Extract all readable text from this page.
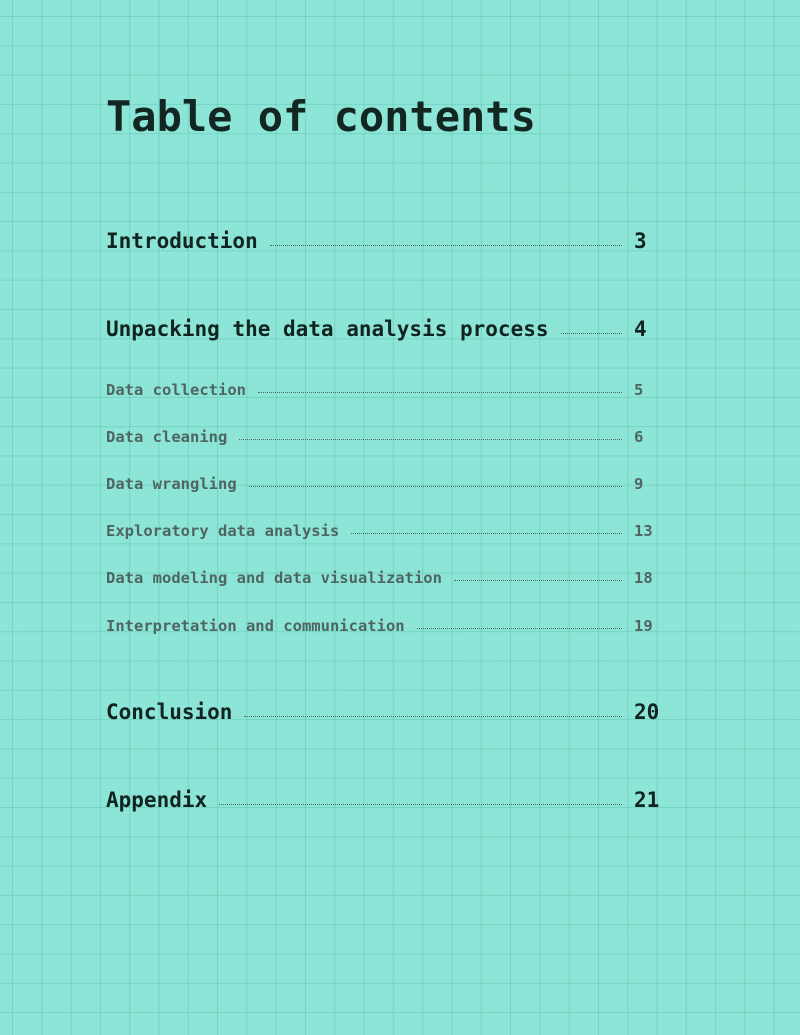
Table of contents
Introduction	3
Unpacking the data analysis process	4
Data collection	5
Data cleaning	6
Data wrangling	9
Exploratory data analysis	13
Data modeling and data visualization	18
Interpretation and communication	19
Conclusion	20
Appendix	21
